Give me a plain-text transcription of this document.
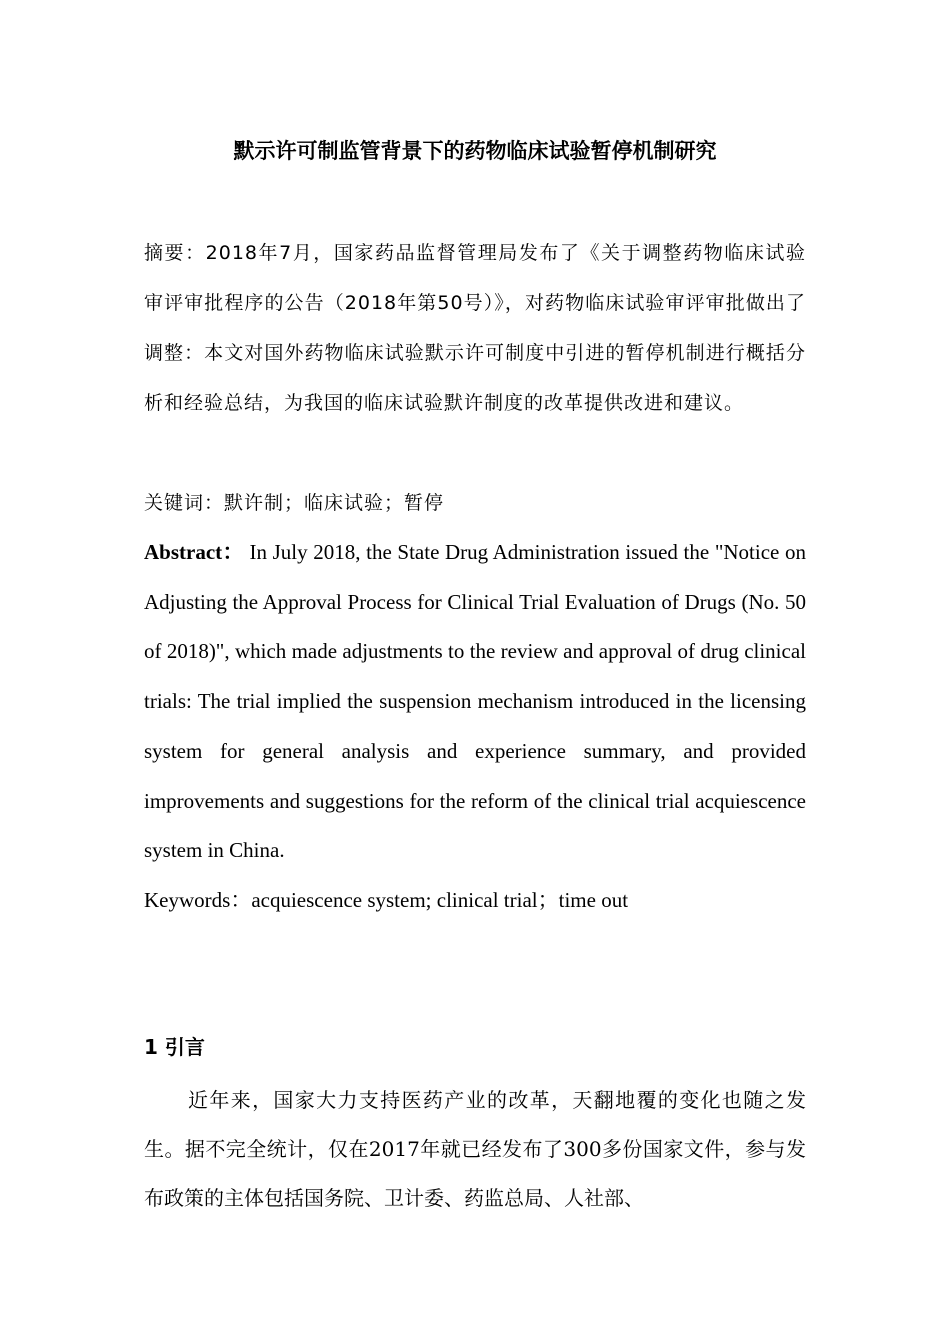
默示许可制监管背景下的药物临床试验暂停机制研究
摘要：2018年7月，国家药品监督管理局发布了《关于调整药物临床试验审评审批程序的公告（2018年第50号）》，对药物临床试验审评审批做出了调整：本文对国外药物临床试验默示许可制度中引进的暂停机制进行概括分析和经验总结，为我国的临床试验默许制度的改革提供改进和建议。
关键词：默许制；临床试验；暂停
Abstract： In July 2018, the State Drug Administration issued the "Notice on Adjusting the Approval Process for Clinical Trial Evaluation of Drugs (No. 50 of 2018)", which made adjustments to the review and approval of drug clinical trials: The trial implied the suspension mechanism introduced in the licensing system for general analysis and experience summary, and provided improvements and suggestions for the reform of the clinical trial acquiescence system in China.
Keywords：acquiescence system; clinical trial；time out
1 引言
近年来，国家大力支持医药产业的改革，天翻地覆的变化也随之发生。据不完全统计，仅在2017年就已经发布了300多份国家文件，参与发布政策的主体包括国务院、卫计委、药监总局、人社部、
